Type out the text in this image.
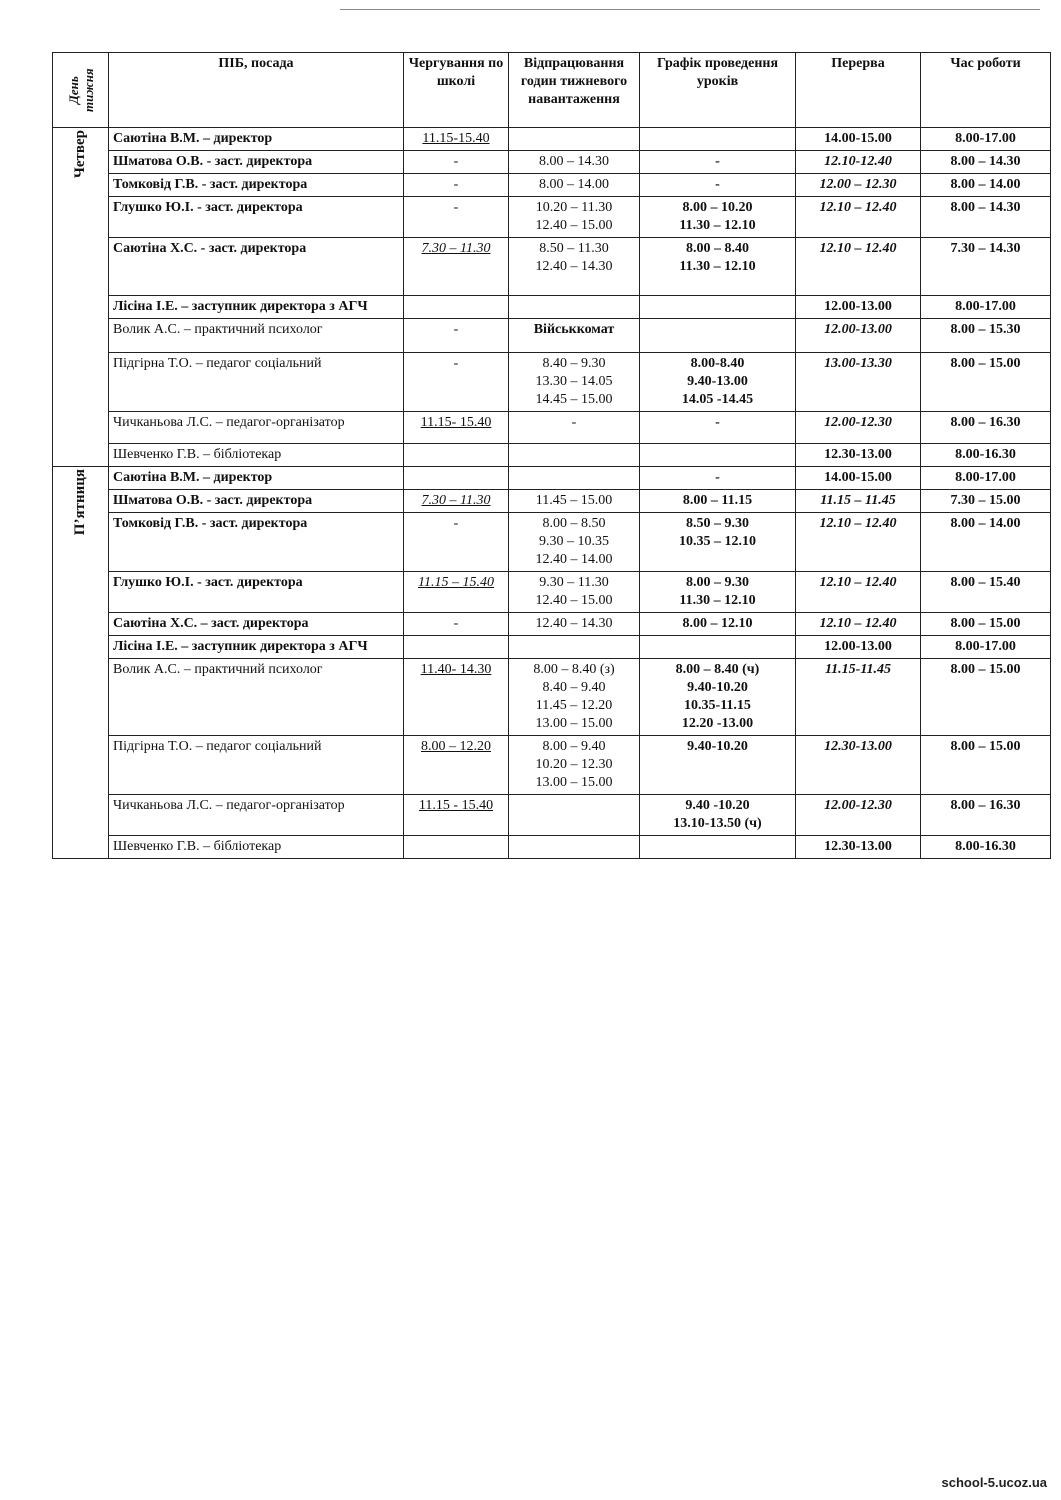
День тижня	ПІБ, посада	Чергування по школі	Відпрацювання годин тижневого навантаження	Графік проведення уроків	Перерва	Час роботи

Четвер	Саютіна В.М. – директор	11.15-15.40			14.00-15.00	8.00-17.00

	Шматова О.В. - заст. директора	-	8.00 – 14.30	-	12.10-12.40	8.00 – 14.30

	Томковід Г.В. - заст. директора	-	8.00 – 14.00	-	12.00 – 12.30	8.00 – 14.00

	Глушко Ю.І. - заст. директора	-	10.20 – 11.30
12.40 – 15.00	8.00 – 10.20
11.30 – 12.10	12.10 – 12.40	8.00 – 14.30

	Саютіна Х.С. - заст. директора	7.30 – 11.30	8.50 – 11.30
12.40 – 14.30	8.00 – 8.40
11.30 – 12.10	12.10 – 12.40	7.30 – 14.30

	Лісіна І.Е. – заступник директора з АГЧ				12.00-13.00	8.00-17.00

	Волик А.С. – практичний психолог	-	Військкомат		12.00-13.00	8.00 – 15.30

	Підгірна Т.О. – педагог соціальний	-	8.40 – 9.30
13.30 – 14.05
14.45 – 15.00	8.00-8.40
9.40-13.00
14.05 -14.45	13.00-13.30	8.00 – 15.00

	Чичканьова Л.С. – педагог-організатор	11.15- 15.40	-	-	12.00-12.30	8.00 – 16.30

	Шевченко Г.В. – бібліотекар				12.30-13.00	8.00-16.30

П’ятниця	Саютіна В.М. – директор			-	14.00-15.00	8.00-17.00

	Шматова О.В. - заст. директора	7.30 – 11.30	11.45 – 15.00	8.00 – 11.15	11.15 – 11.45	7.30 – 15.00

	Томковід Г.В. - заст. директора	-	8.00 – 8.50
9.30 – 10.35
12.40 – 14.00	8.50 – 9.30
10.35 – 12.10	12.10 – 12.40	8.00 – 14.00

	Глушко Ю.І. - заст. директора	11.15 – 15.40	9.30 – 11.30
12.40 – 15.00	8.00 – 9.30
11.30 – 12.10	12.10 – 12.40	8.00 – 15.40

	Саютіна Х.С. – заст. директора	-	12.40 – 14.30	8.00 – 12.10	12.10 – 12.40	8.00 – 15.00

	Лісіна І.Е. – заступник директора з АГЧ				12.00-13.00	8.00-17.00

	Волик А.С. – практичний психолог	11.40- 14.30	8.00 – 8.40 (з)
8.40 – 9.40
11.45 – 12.20
13.00 – 15.00	8.00 – 8.40 (ч)
9.40-10.20
10.35-11.15
12.20 -13.00	11.15-11.45	8.00 – 15.00

	Підгірна Т.О. – педагог соціальний	8.00 – 12.20	8.00 – 9.40
10.20 – 12.30
13.00 – 15.00	9.40-10.20	12.30-13.00	8.00 – 15.00

	Чичканьова Л.С. – педагог-організатор	11.15 - 15.40		9.40 -10.20
13.10-13.50 (ч)	12.00-12.30	8.00 – 16.30

	Шевченко Г.В. – бібліотекар				12.30-13.00	8.00-16.30
school-5.ucoz.ua
